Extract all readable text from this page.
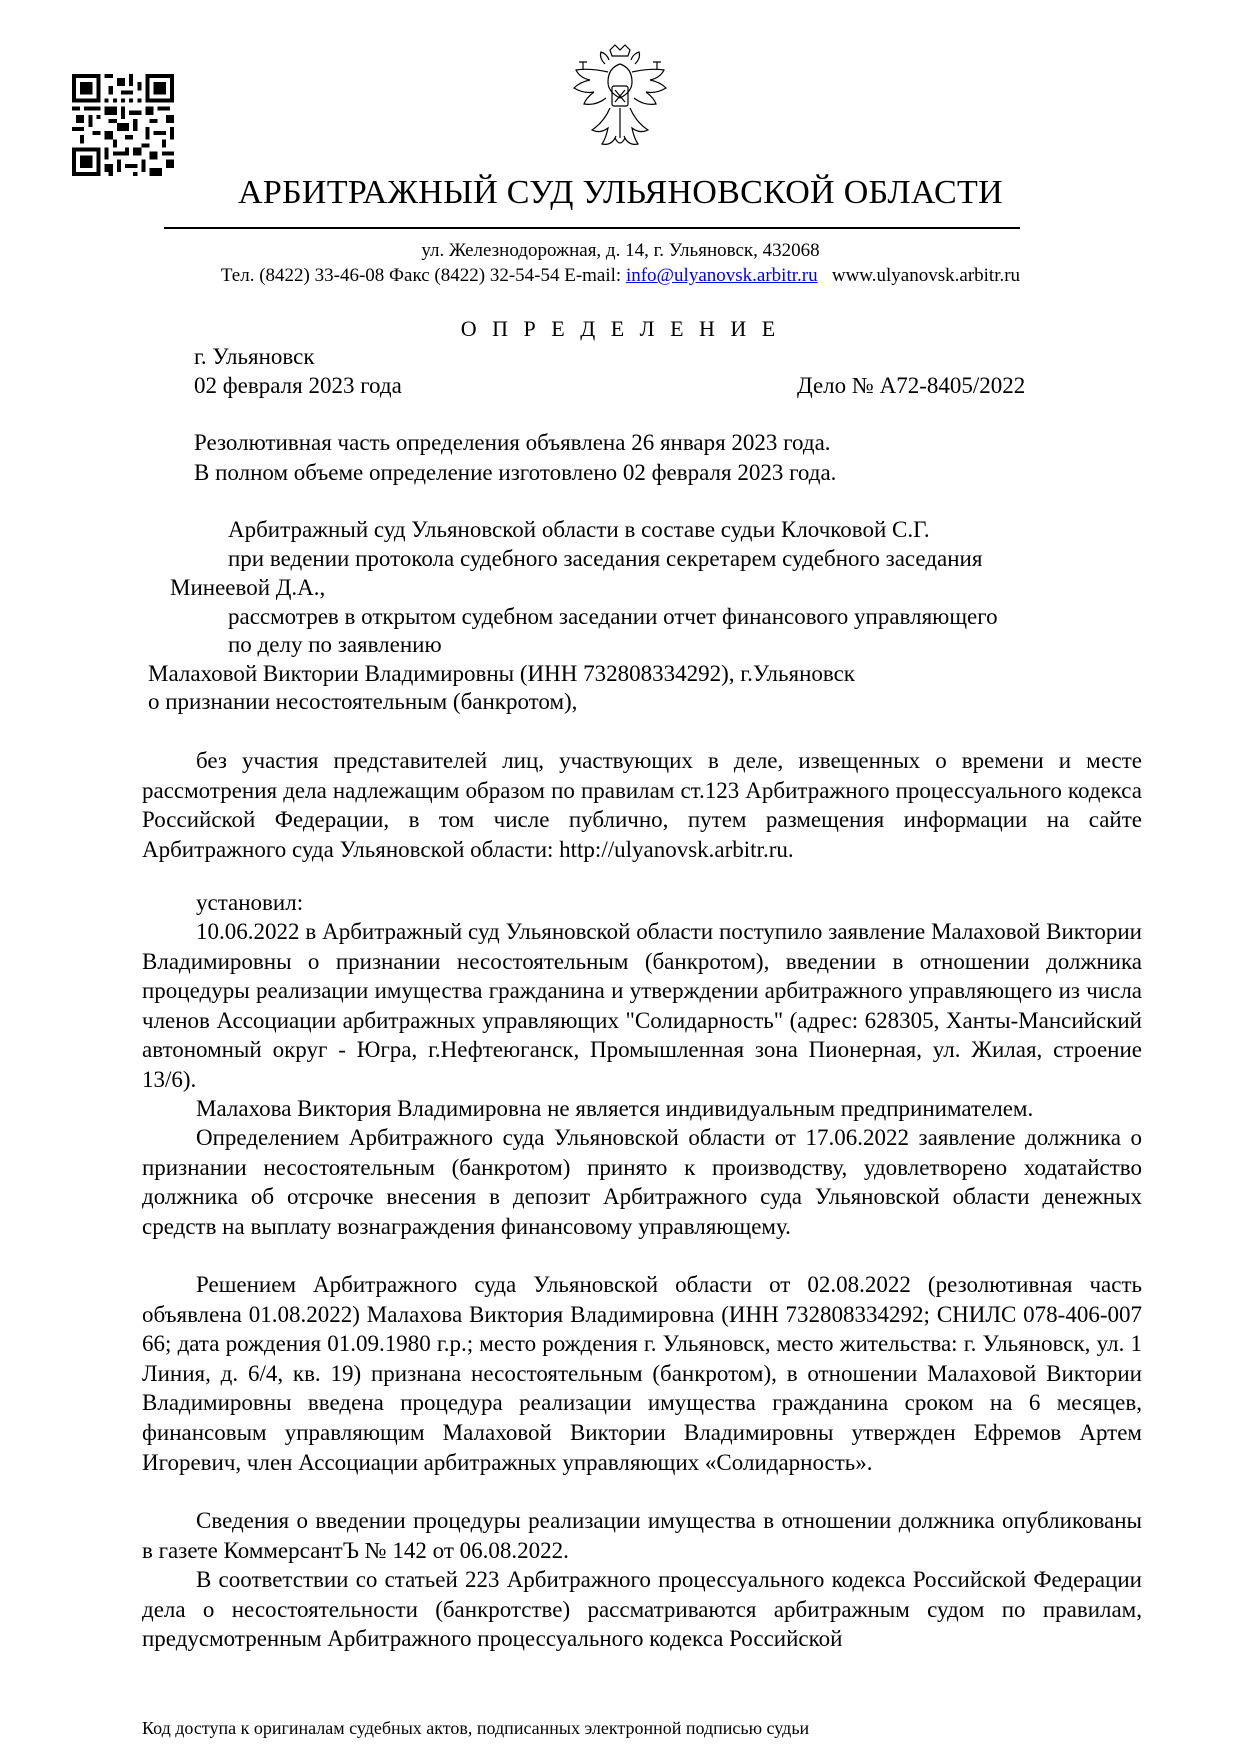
АРБИТРАЖНЫЙ СУД УЛЬЯНОВСКОЙ ОБЛАСТИ
ул. Железнодорожная, д. 14, г. Ульяновск, 432068
Тел. (8422) 33-46-08 Факс (8422) 32-54-54 E-mail: info@ulyanovsk.arbitr.ru www.ulyanovsk.arbitr.ru
О П Р Е Д Е Л Е Н И Е
г. Ульяновск
02 февраля 2023 года	Дело № А72-8405/2022
Резолютивная часть определения объявлена 26 января 2023 года.
В полном объеме определение изготовлено 02 февраля 2023 года.
Арбитражный суд Ульяновской области в составе судьи Клочковой С.Г.
при ведении протокола судебного заседания секретарем судебного заседания
Минеевой Д.А.,
рассмотрев в открытом судебном заседании отчет финансового управляющего
по делу по заявлению
Малаховой Виктории Владимировны (ИНН 732808334292), г.Ульяновск
о признании несостоятельным (банкротом),

без участия представителей лиц, участвующих в деле, извещенных о времени и месте рассмотрения дела надлежащим образом по правилам ст.123 Арбитражного процессуального кодекса Российской Федерации, в том числе публично, путем размещения информации на сайте Арбитражного суда Ульяновской области: http://ulyanovsk.arbitr.ru.

установил:

10.06.2022 в Арбитражный суд Ульяновской области поступило заявление Малаховой Виктории Владимировны о признании несостоятельным (банкротом), введении в отношении должника процедуры реализации имущества гражданина и утверждении арбитражного управляющего из числа членов Ассоциации арбитражных управляющих "Солидарность" (адрес: 628305, Ханты-Мансийский автономный округ - Югра, г.Нефтеюганск, Промышленная зона Пионерная, ул. Жилая, строение 13/6).

Малахова Виктория Владимировна не является индивидуальным предпринимателем.

Определением Арбитражного суда Ульяновской области от 17.06.2022 заявление должника о признании несостоятельным (банкротом) принято к производству, удовлетворено ходатайство должника об отсрочке внесения в депозит Арбитражного суда Ульяновской области денежных средств на выплату вознаграждения финансовому управляющему.

Решением Арбитражного суда Ульяновской области от 02.08.2022 (резолютивная часть объявлена 01.08.2022) Малахова Виктория Владимировна (ИНН 732808334292; СНИЛС 078-406-007 66; дата рождения 01.09.1980 г.р.; место рождения г. Ульяновск, место жительства: г. Ульяновск, ул. 1 Линия, д. 6/4, кв. 19) признана несостоятельным (банкротом), в отношении Малаховой Виктории Владимировны введена процедура реализации имущества гражданина сроком на 6 месяцев, финансовым управляющим Малаховой Виктории Владимировны утвержден Ефремов Артем Игоревич, член Ассоциации арбитражных управляющих «Солидарность».

Сведения о введении процедуры реализации имущества в отношении должника опубликованы в газете КоммерсантЪ № 142 от 06.08.2022.

В соответствии со статьей 223 Арбитражного процессуального кодекса Российской Федерации дела о несостоятельности (банкротстве) рассматриваются арбитражным судом по правилам, предусмотренным Арбитражного процессуального кодекса Российской

Код доступа к оригиналам судебных актов, подписанных электронной подписью судьи
